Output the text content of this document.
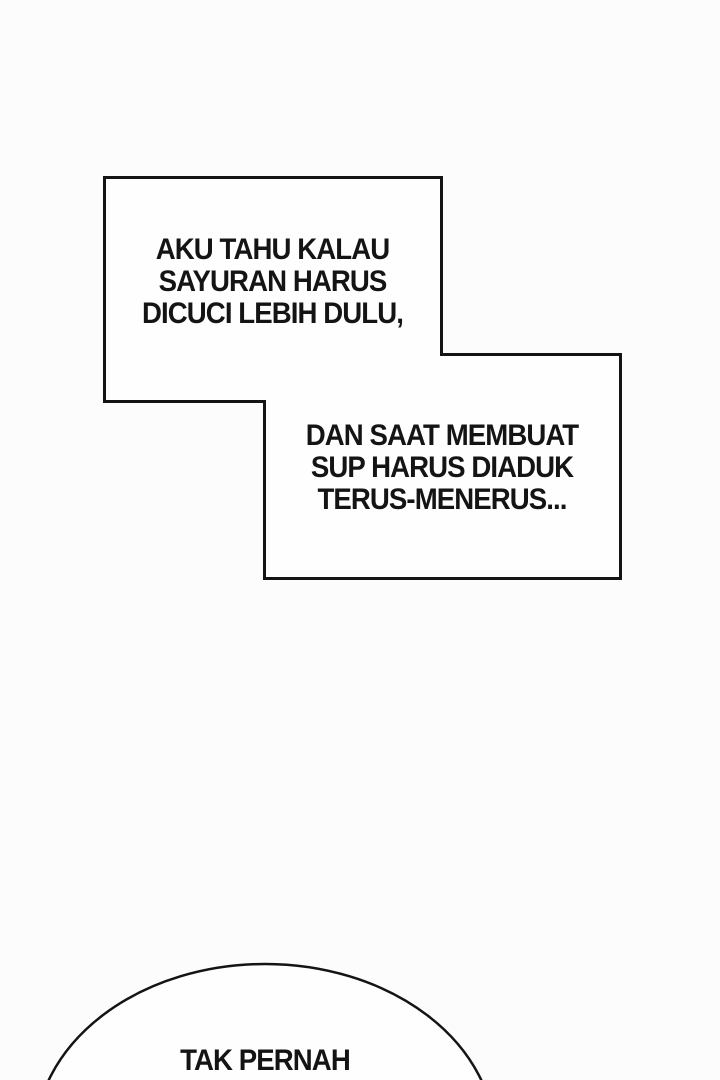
AKU TAHU KALAU
SAYURAN HARUS
DICUCI LEBIH DULU,
DAN SAAT MEMBUAT
SUP HARUS DIADUK
TERUS-MENERUS...
TAK PERNAH
